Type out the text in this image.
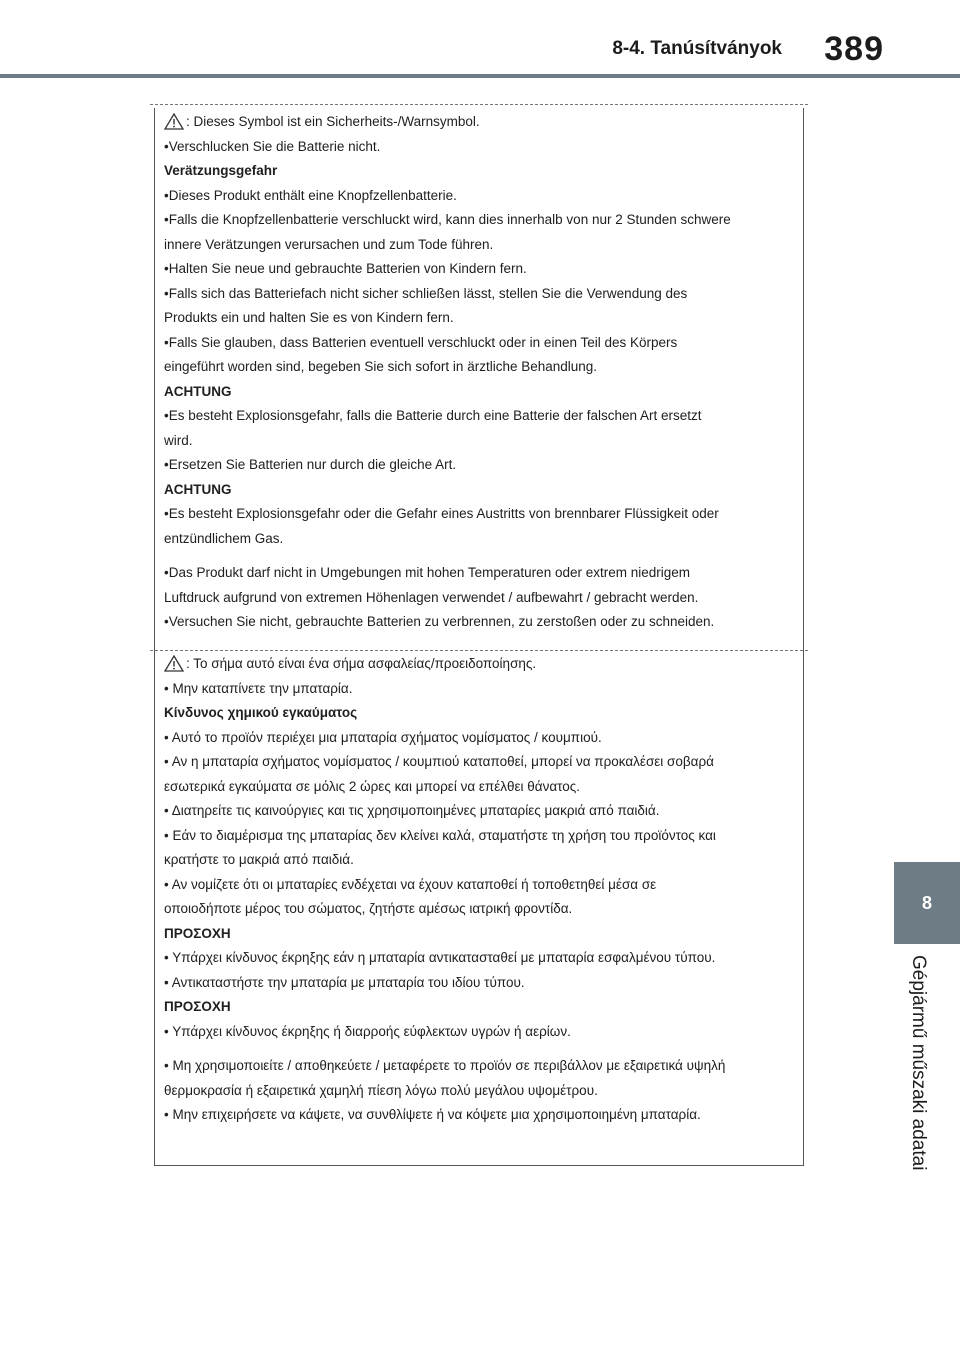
8-4. Tanúsítványok 389
8
Gépjármű műszaki adatai
: Dieses Symbol ist ein Sicherheits-/Warnsymbol.
•Verschlucken Sie die Batterie nicht.
Verätzungsgefahr
•Dieses Produkt enthält eine Knopfzellenbatterie.
•Falls die Knopfzellenbatterie verschluckt wird, kann dies innerhalb von nur 2 Stunden schwere
innere Verätzungen verursachen und zum Tode führen.
•Halten Sie neue und gebrauchte Batterien von Kindern fern.
•Falls sich das Batteriefach nicht sicher schließen lässt, stellen Sie die Verwendung des
Produkts ein und halten Sie es von Kindern fern.
•Falls Sie glauben, dass Batterien eventuell verschluckt oder in einen Teil des Körpers
eingeführt worden sind, begeben Sie sich sofort in ärztliche Behandlung.
ACHTUNG
•Es besteht Explosionsgefahr, falls die Batterie durch eine Batterie der falschen Art ersetzt
wird.
•Ersetzen Sie Batterien nur durch die gleiche Art.
ACHTUNG
•Es besteht Explosionsgefahr oder die Gefahr eines Austritts von brennbarer Flüssigkeit oder
entzündlichem Gas.
•Das Produkt darf nicht in Umgebungen mit hohen Temperaturen oder extrem niedrigem
Luftdruck aufgrund von extremen Höhenlagen verwendet / aufbewahrt / gebracht werden.
•Versuchen Sie nicht, gebrauchte Batterien zu verbrennen, zu zerstoßen oder zu schneiden.
: Το σήμα αυτό είναι ένα σήμα ασφαλείας/προειδοποίησης.
• Μην καταπίνετε την μπαταρία.
Κίνδυνος χημικού εγκαύματος
• Αυτό το προϊόν περιέχει μια μπαταρία σχήματος νομίσματος / κουμπιού.
• Αν η μπαταρία σχήματος νομίσματος / κουμπιού καταποθεί, μπορεί να προκαλέσει σοβαρά
εσωτερικά εγκαύματα σε μόλις 2 ώρες και μπορεί να επέλθει θάνατος.
• Διατηρείτε τις καινούργιες και τις χρησιμοποιημένες μπαταρίες μακριά από παιδιά.
• Εάν το διαμέρισμα της μπαταρίας δεν κλείνει καλά, σταματήστε τη χρήση του προϊόντος και
κρατήστε το μακριά από παιδιά.
• Αν νομίζετε ότι οι μπαταρίες ενδέχεται να έχουν καταποθεί ή τοποθετηθεί μέσα σε
οποιοδήποτε μέρος του σώματος, ζητήστε αμέσως ιατρική φροντίδα.
ΠΡΟΣΟΧΗ
• Υπάρχει κίνδυνος έκρηξης εάν η μπαταρία αντικατασταθεί με μπαταρία εσφαλμένου τύπου.
• Αντικαταστήστε την μπαταρία με μπαταρία του ιδίου τύπου.
ΠΡΟΣΟΧΗ
• Υπάρχει κίνδυνος έκρηξης ή διαρροής εύφλεκτων υγρών ή αερίων.
• Μη χρησιμοποιείτε / αποθηκεύετε / μεταφέρετε το προϊόν σε περιβάλλον με εξαιρετικά υψηλή
θερμοκρασία ή εξαιρετικά χαμηλή πίεση λόγω πολύ μεγάλου υψομέτρου.
• Μην επιχειρήσετε να κάψετε, να συνθλίψετε ή να κόψετε μια χρησιμοποιημένη μπαταρία.
